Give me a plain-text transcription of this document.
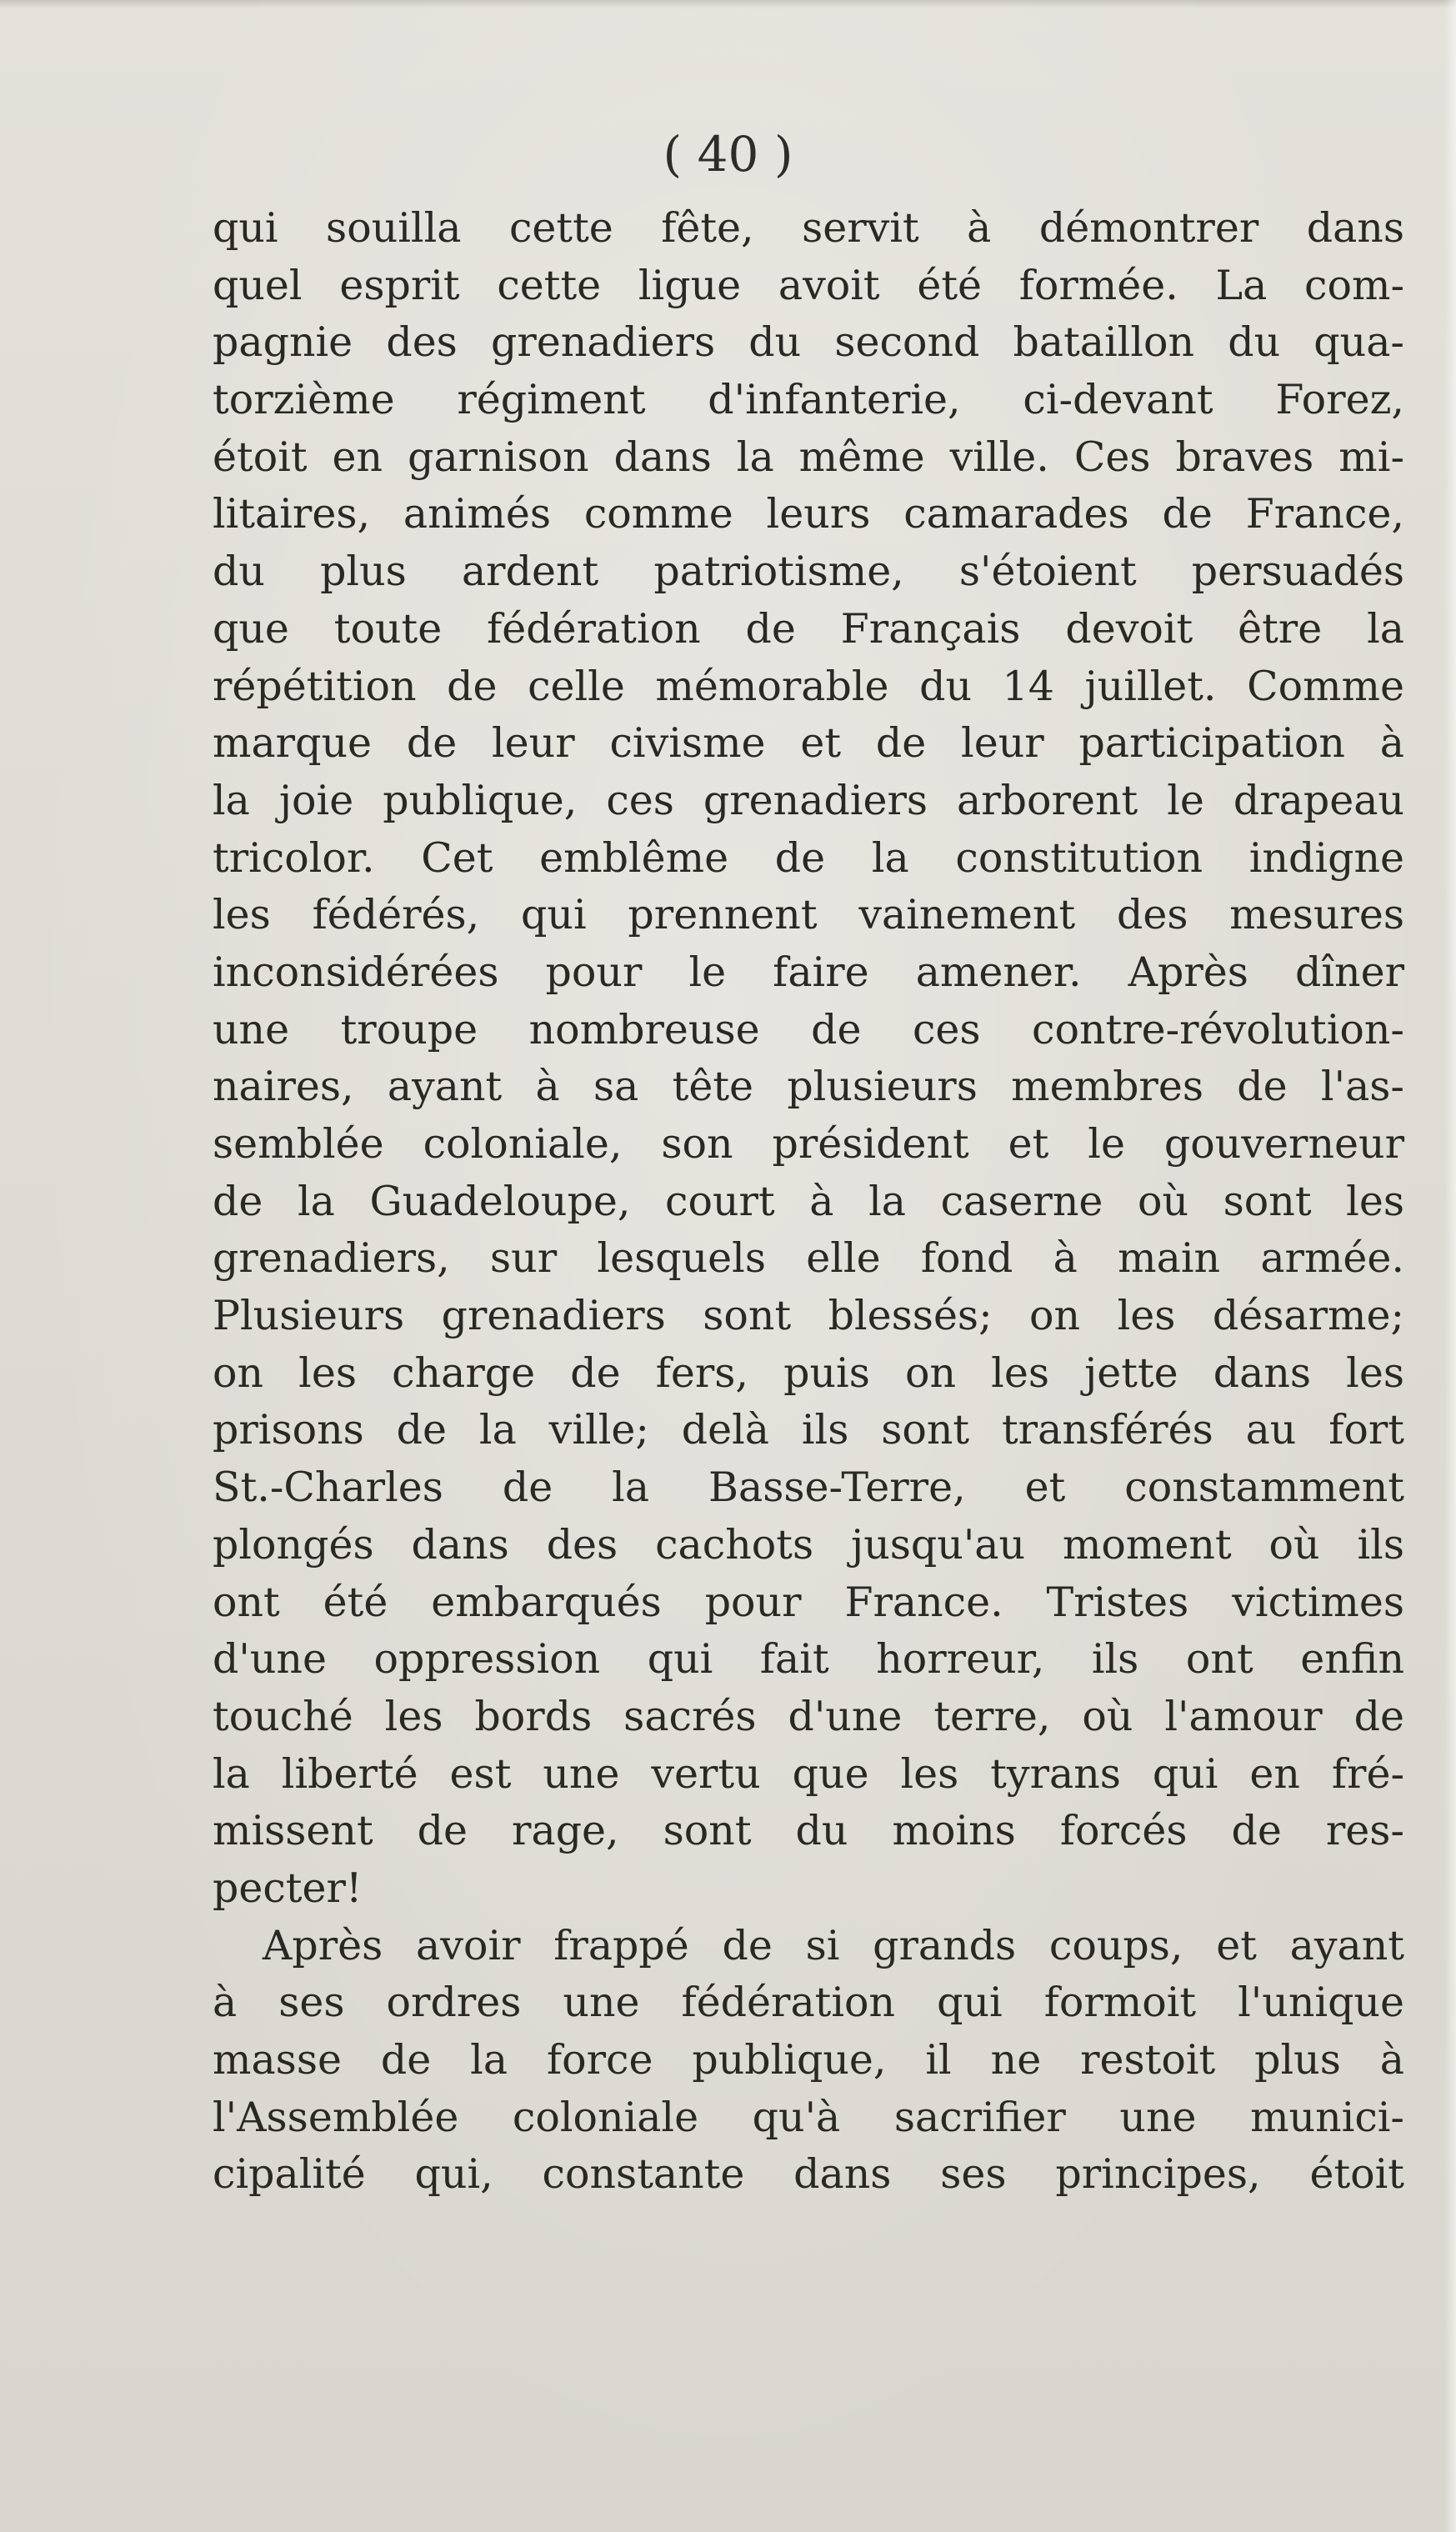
( 40 )
qui souilla cette fête, servit à démontrer dans
quel esprit cette ligue avoit été formée. La com-
pagnie des grenadiers du second bataillon du qua-
torzième régiment d'infanterie, ci-devant Forez,
étoit en garnison dans la même ville. Ces braves mi-
litaires, animés comme leurs camarades de France,
du plus ardent patriotisme, s'étoient persuadés
que toute fédération de Français devoit être la
répétition de celle mémorable du 14 juillet. Comme
marque de leur civisme et de leur participation à
la joie publique, ces grenadiers arborent le drapeau
tricolor. Cet emblême de la constitution indigne
les fédérés, qui prennent vainement des mesures
inconsidérées pour le faire amener. Après dîner
une troupe nombreuse de ces contre-révolution-
naires, ayant à sa tête plusieurs membres de l'as-
semblée coloniale, son président et le gouverneur
de la Guadeloupe, court à la caserne où sont les
grenadiers, sur lesquels elle fond à main armée.
Plusieurs grenadiers sont blessés; on les désarme;
on les charge de fers, puis on les jette dans les
prisons de la ville; delà ils sont transférés au fort
St.-Charles de la Basse-Terre, et constamment
plongés dans des cachots jusqu'au moment où ils
ont été embarqués pour France. Tristes victimes
d'une oppression qui fait horreur, ils ont enfin
touché les bords sacrés d'une terre, où l'amour de
la liberté est une vertu que les tyrans qui en fré-
missent de rage, sont du moins forcés de res-
pecter!
Après avoir frappé de si grands coups, et ayant
à ses ordres une fédération qui formoit l'unique
masse de la force publique, il ne restoit plus à
l'Assemblée coloniale qu'à sacrifier une munici-
cipalité qui, constante dans ses principes, étoit
